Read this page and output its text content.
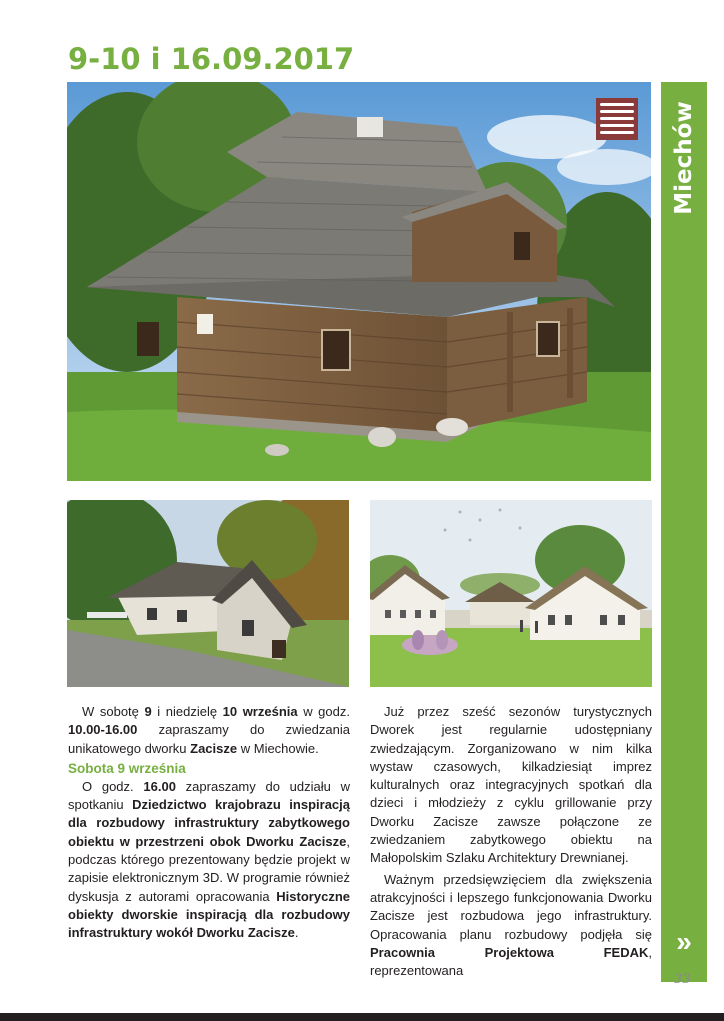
9-10 i 16.09.2017

W sobotę 9 i niedzielę 10 września w godz. 10.00-16.00 zapraszamy do zwiedzania unikatowego dworku Zacisze w Miechowie.

Sobota 9 września

O godz. 16.00 zapraszamy do udziału w spotkaniu Dziedzictwo krajobrazu inspiracją dla rozbudowy infrastruktury zabytkowego obiektu w przestrzeni obok Dworku Zacisze, podczas którego prezentowany będzie projekt w zapisie elektronicznym 3D. W programie również dyskusja z autorami opracowania Historyczne obiekty dworskie inspiracją dla rozbudowy infrastruktury wokół Dworku Zacisze.

Już przez sześć sezonów turystycznych Dworek jest regularnie udostępniany zwiedzającym. Zorganizowano w nim kilka wystaw czasowych, kilkadziesiąt imprez kulturalnych oraz integracyjnych spotkań dla dzieci i młodzieży z cyklu grillowanie przy Dworku Zacisze zawsze połączone ze zwiedzaniem zabytkowego obiektu na Małopolskim Szlaku Architektury Drewnianej.

Ważnym przedsięwzięciem dla zwiększenia atrakcyjności i lepszego funkcjonowania Dworku Zacisze jest rozbudowa jego infrastruktury. Opracowania planu rozbudowy podjęła się Pracownia Projektowa FEDAK, reprezentowana

Miechów
»
33
